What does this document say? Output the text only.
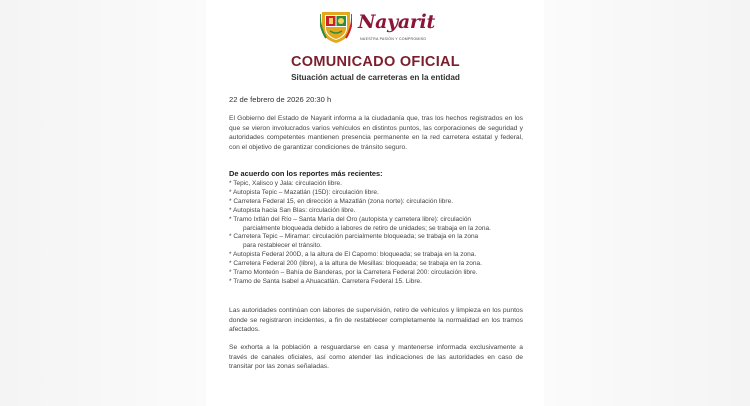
Nayarit
NUESTRA PASIÓN Y COMPROMISO
COMUNICADO OFICIAL
Situación actual de carreteras en la entidad
22 de febrero de 2026 20:30 h
El Gobierno del Estado de Nayarit informa a la ciudadanía que, tras los hechos registrados en los que se vieron involucrados varios vehículos en distintos puntos, las corporaciones de seguridad y autoridades competentes mantienen presencia permanente en la red carretera estatal y federal, con el objetivo de garantizar condiciones de tránsito seguro.
De acuerdo con los reportes más recientes:
* Tepic, Xalisco y Jala: circulación libre.
* Autopista Tepic – Mazatlán (15D): circulación libre.
* Carretera Federal 15, en dirección a Mazatlán (zona norte): circulación libre.
* Autopista hacia San Blas: circulación libre.
* Tramo Ixtlán del Río – Santa María del Oro (autopista y carretera libre): circulación
parcialmente bloqueada debido a labores de retiro de unidades; se trabaja en la zona.
* Carretera Tepic – Miramar: circulación parcialmente bloqueada; se trabaja en la zona
para restablecer el tránsito.
* Autopista Federal 200D, a la altura de El Capomo: bloqueada; se trabaja en la zona.
* Carretera Federal 200 (libre), a la altura de Mesillas: bloqueada; se trabaja en la zona.
* Tramo Monteón – Bahía de Banderas, por la Carretera Federal 200: circulación libre.
* Tramo de Santa Isabel a Ahuacatlán. Carretera Federal 15. Libre.
Las autoridades continúan con labores de supervisión, retiro de vehículos y limpieza en los puntos donde se registraron incidentes, a fin de restablecer completamente la normalidad en los tramos afectados.
Se exhorta a la población a resguardarse en casa y mantenerse informada exclusivamente a través de canales oficiales, así como atender las indicaciones de las autoridades en caso de transitar por las zonas señaladas.
